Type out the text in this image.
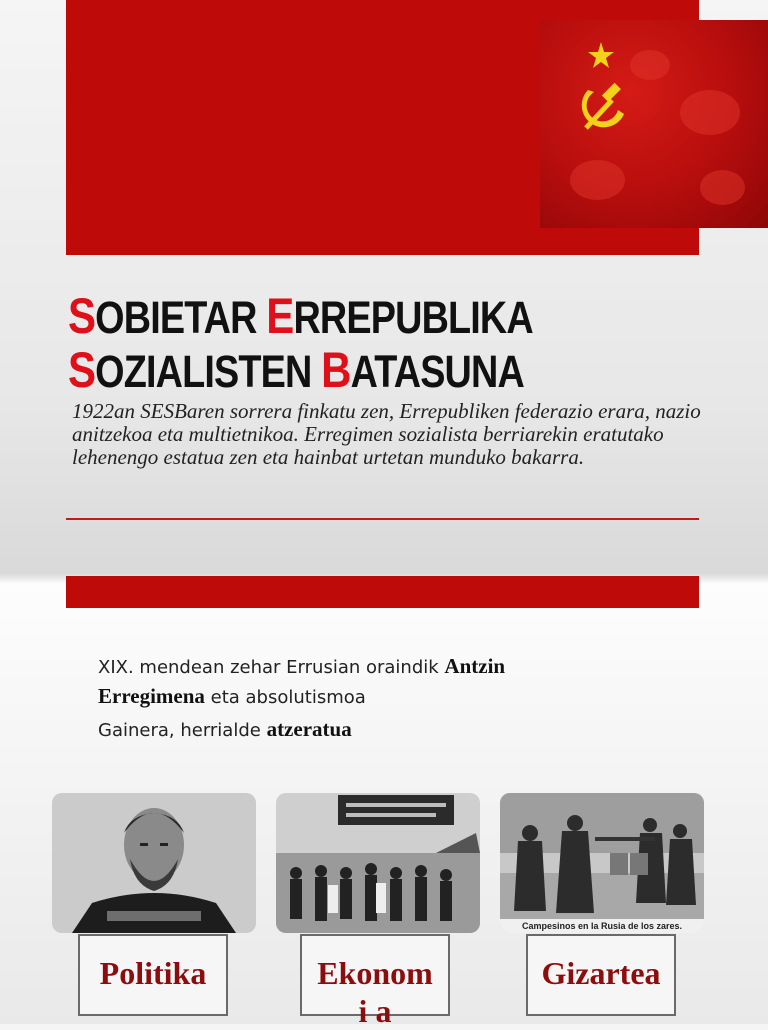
SOBIETAR ERREPUBLIKA
SOZIALISTEN BATASUNA

1922an SESBaren sorrera finkatu zen, Errepubliken federazio erara, nazio anitzekoa eta multietnikoa. Erregimen sozialista berriarekin eratutako lehenengo estatua zen eta hainbat urtetan munduko bakarra.

XIX. mendean zehar Errusian oraindik Antzin
Erregimena eta absolutismoa

Gainera, herrialde atzeratua

Campesinos en la Rusia de los zares.
Politika	Ekonomi a
Gizartea
